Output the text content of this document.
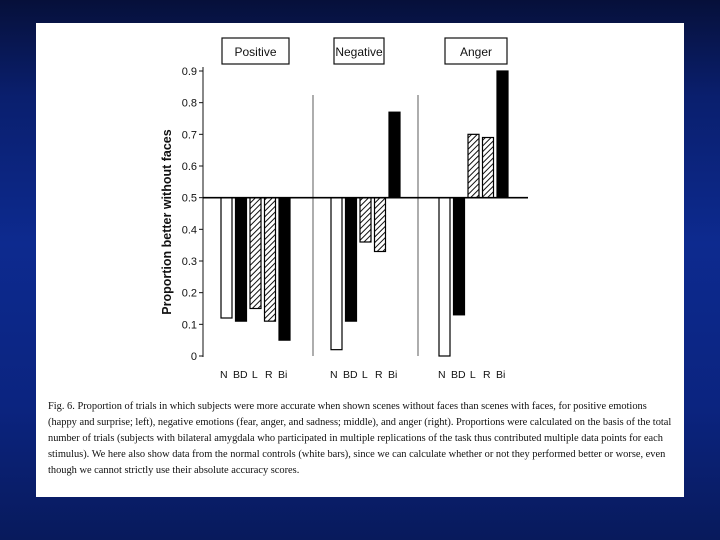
Proportion better without faces
0
0.1
0.2
0.3
0.4
0.5
0.6
0.7
0.8
0.9
N BD L R Bi
Positive
N BD L R Bi
Negative
N BD L R Bi
Anger

Fig. 6. Proportion of trials in which subjects were more accurate when shown scenes without faces than scenes with faces, for positive emotions (happy and surprise; left), negative emotions (fear, anger, and sadness; middle), and anger (right). Proportions were calculated on the basis of the total number of trials (subjects with bilateral amygdala who participated in multiple replications of the task thus contributed multiple data points for each stimulus). We here also show data from the normal controls (white bars), since we can calculate whether or not they performed better or worse, even though we cannot strictly use their absolute accuracy scores.
